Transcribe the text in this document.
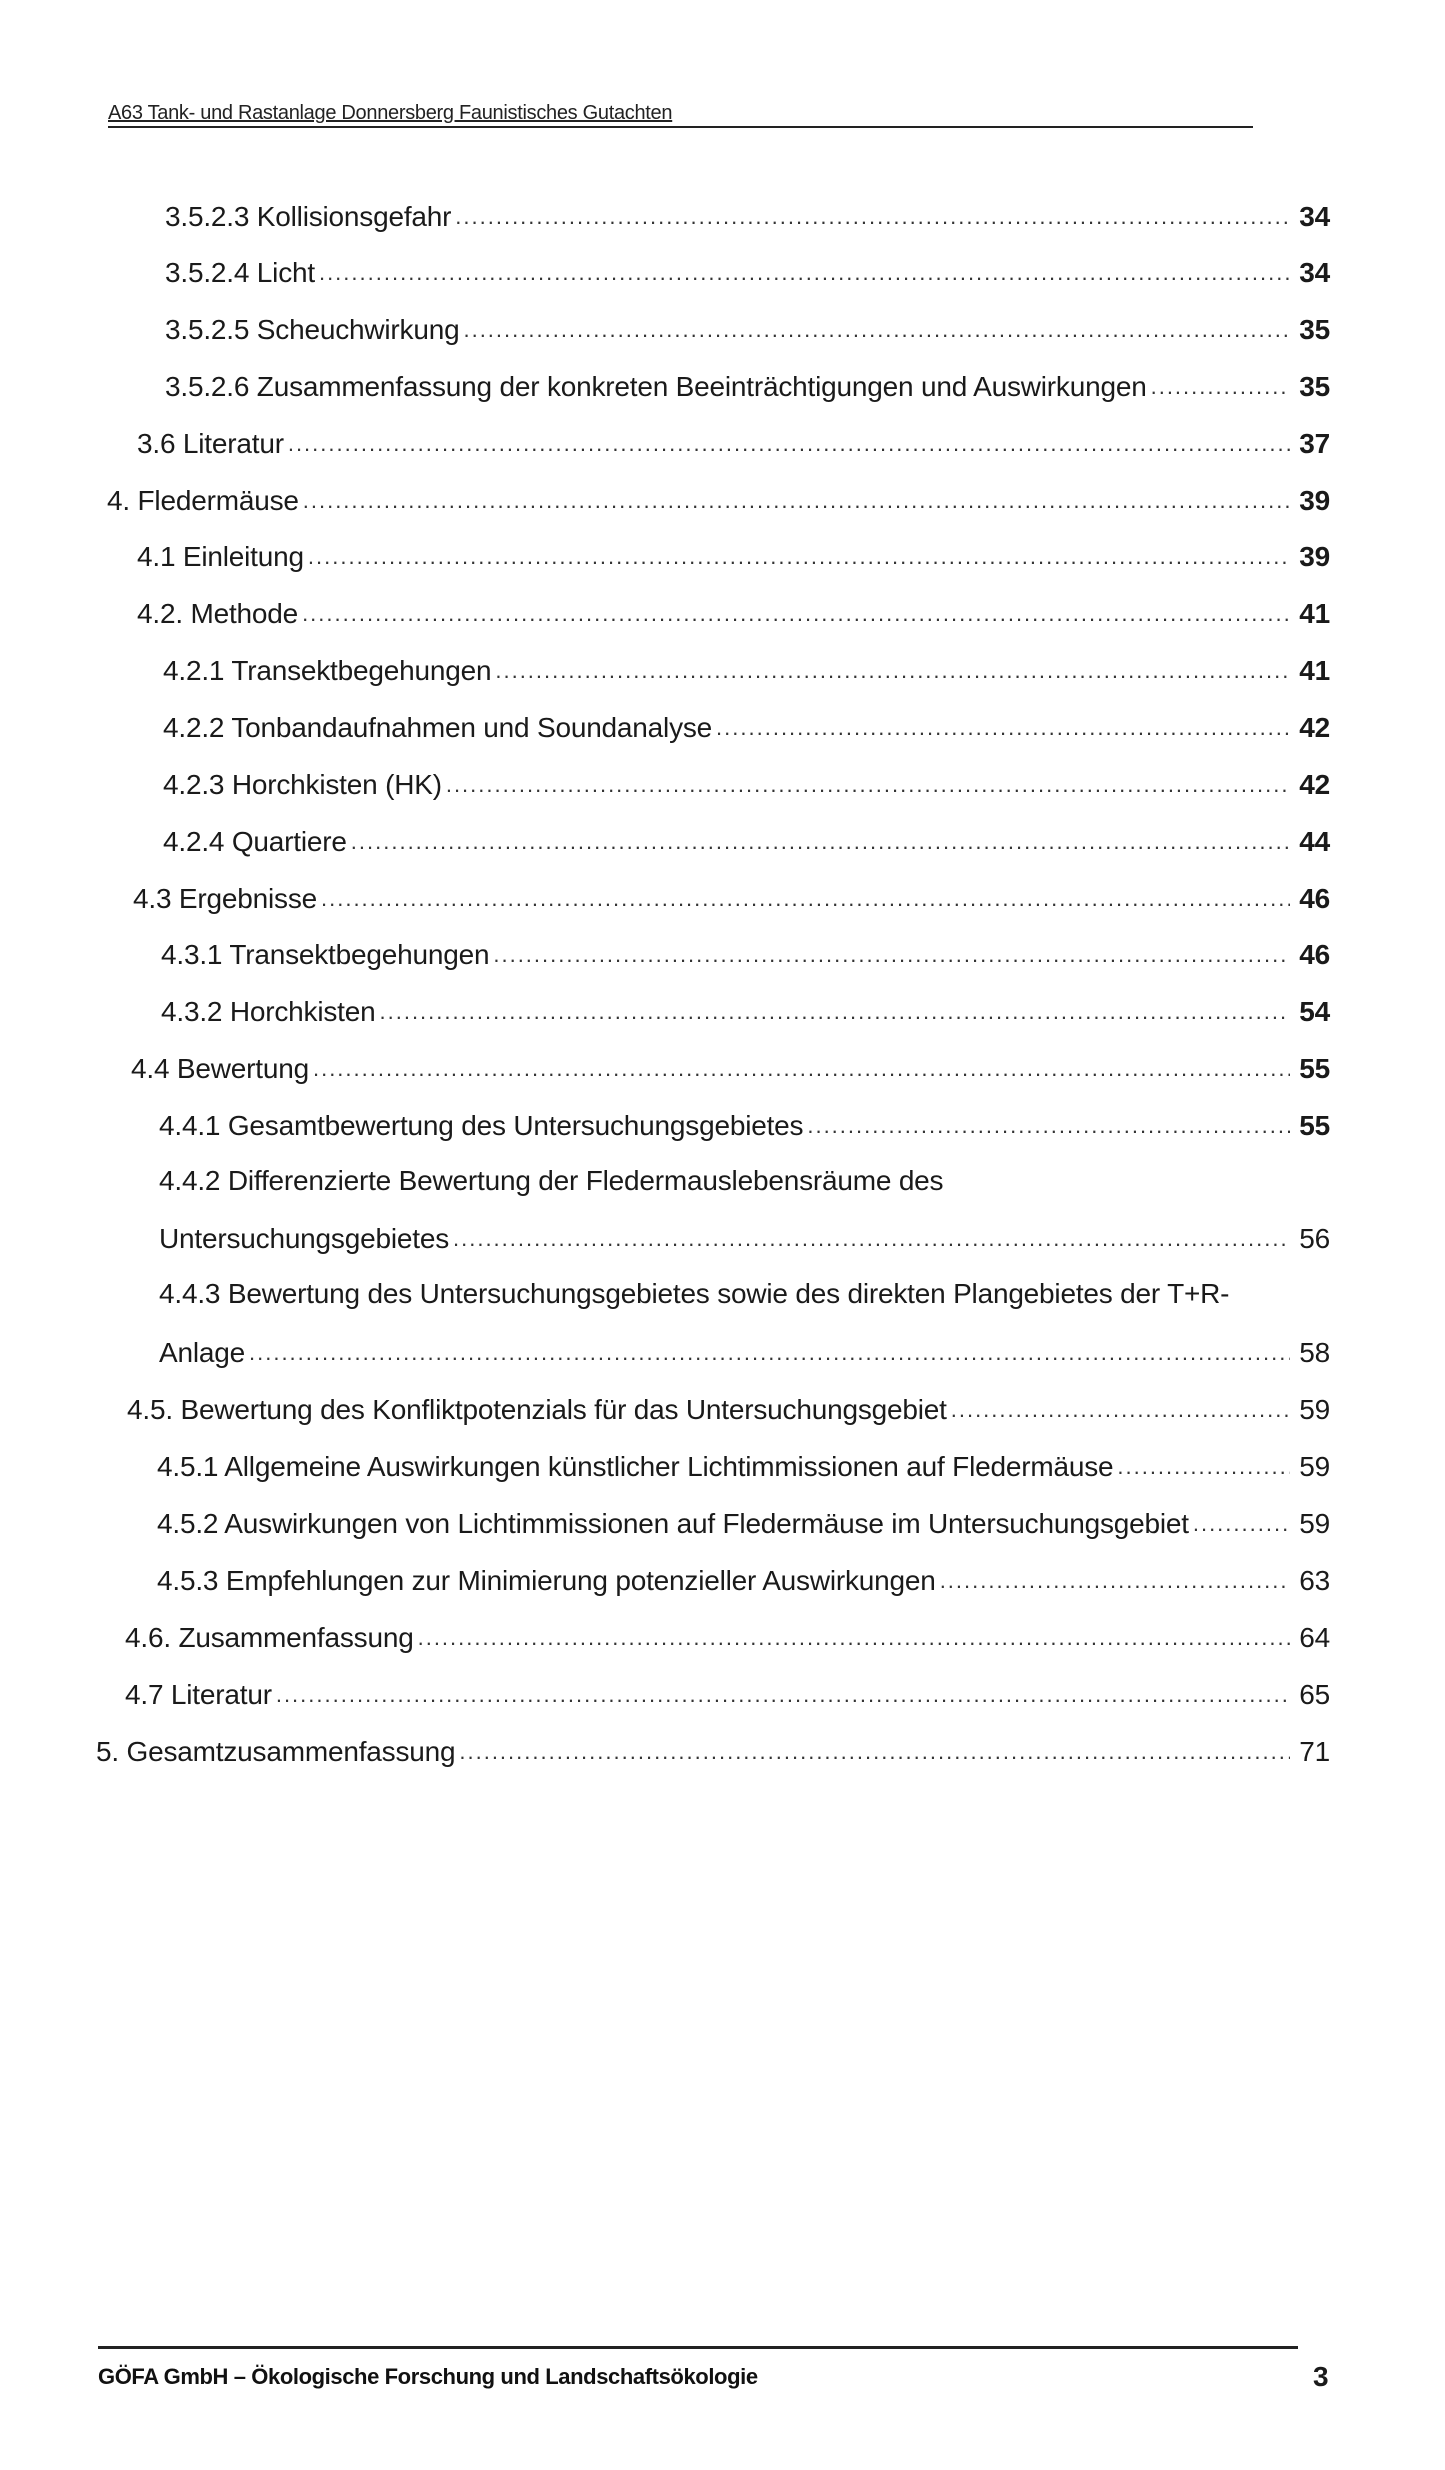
A63 Tank- und Rastanlage Donnersberg Faunistisches Gutachten
3.5.2.3 Kollisionsgefahr .....	34
3.5.2.4 Licht .....	34
3.5.2.5 Scheuchwirkung .....	35
3.5.2.6 Zusammenfassung der konkreten Beeinträchtigungen und Auswirkungen .....	35
3.6 Literatur .....	37
4. Fledermäuse .....	39
4.1 Einleitung .....	39
4.2. Methode .....	41
4.2.1 Transektbegehungen .....	41
4.2.2 Tonbandaufnahmen und Soundanalyse .....	42
4.2.3 Horchkisten (HK) .....	42
4.2.4 Quartiere .....	44
4.3 Ergebnisse .....	46
4.3.1 Transektbegehungen .....	46
4.3.2 Horchkisten .....	54
4.4 Bewertung .....	55
4.4.1 Gesamtbewertung des Untersuchungsgebietes .....	55
4.4.2 Differenzierte Bewertung der Fledermauslebensräume des
Untersuchungsgebietes .....	56
4.4.3 Bewertung des Untersuchungsgebietes sowie des direkten Plangebietes der T+R-
Anlage .....	58
4.5. Bewertung des Konfliktpotenzials für das Untersuchungsgebiet .....	59
4.5.1 Allgemeine Auswirkungen künstlicher Lichtimmissionen auf Fledermäuse .....	59
4.5.2 Auswirkungen von Lichtimmissionen auf Fledermäuse im Untersuchungsgebiet .....	59
4.5.3 Empfehlungen zur Minimierung potenzieller Auswirkungen .....	63
4.6. Zusammenfassung .....	64
4.7 Literatur .....	65
5. Gesamtzusammenfassung .....	71
GÖFA GmbH – Ökologische Forschung und Landschaftsökologie	3
